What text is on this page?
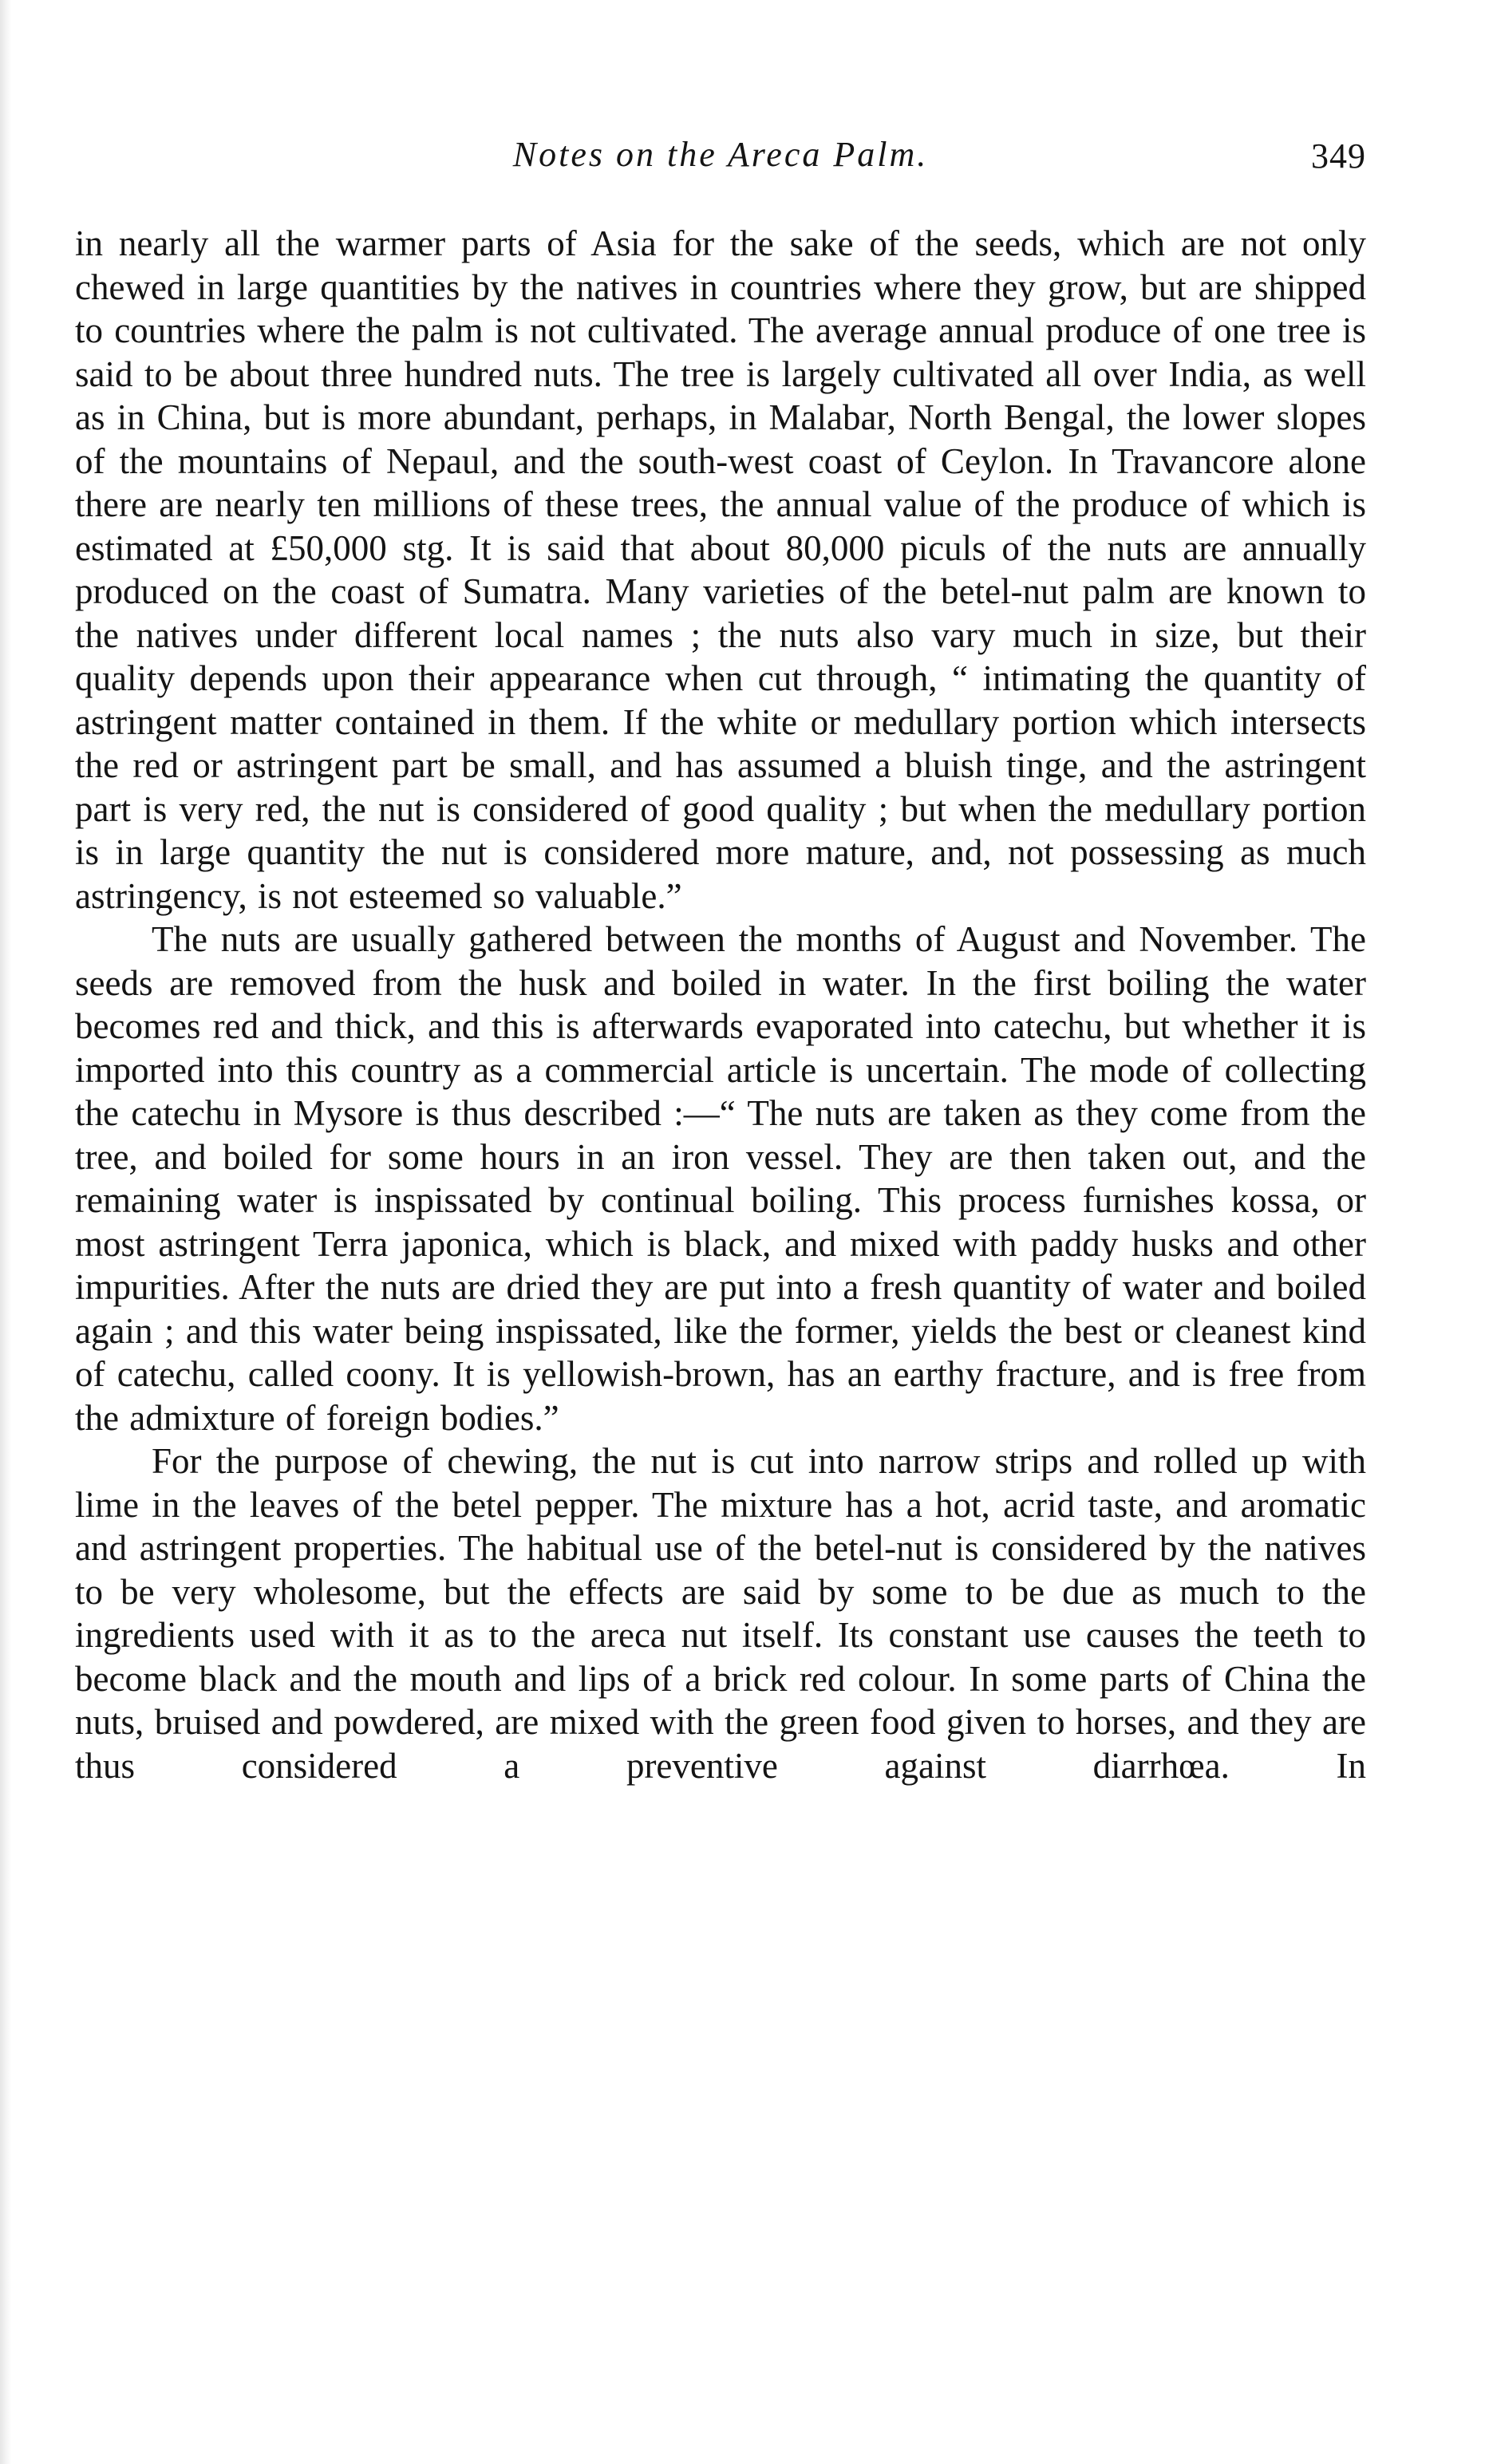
Notes on the Areca Palm.	349

in nearly all the warmer parts of Asia for the sake of the seeds, which are not only chewed in large quantities by the natives in countries where they grow, but are shipped to countries where the palm is not cultivated. The average annual produce of one tree is said to be about three hundred nuts. The tree is largely cultivated all over India, as well as in China, but is more abundant, perhaps, in Malabar, North Bengal, the lower slopes of the mountains of Nepaul, and the south-west coast of Ceylon. In Travancore alone there are nearly ten millions of these trees, the annual value of the produce of which is estimated at £50,000 stg. It is said that about 80,000 piculs of the nuts are annually produced on the coast of Sumatra. Many varieties of the betel-nut palm are known to the natives under different local names ; the nuts also vary much in size, but their quality depends upon their appearance when cut through, “ intimating the quantity of astringent matter contained in them. If the white or medullary portion which intersects the red or astringent part be small, and has assumed a bluish tinge, and the astringent part is very red, the nut is considered of good quality ; but when the medullary portion is in large quantity the nut is considered more mature, and, not possessing as much astringency, is not esteemed so valuable.”

The nuts are usually gathered between the months of August and November. The seeds are removed from the husk and boiled in water. In the first boiling the water becomes red and thick, and this is afterwards evaporated into catechu, but whether it is imported into this country as a commercial article is uncertain. The mode of collecting the catechu in Mysore is thus described :—“ The nuts are taken as they come from the tree, and boiled for some hours in an iron vessel. They are then taken out, and the remaining water is inspissated by continual boiling. This process furnishes kossa, or most astringent Terra japonica, which is black, and mixed with paddy husks and other impurities. After the nuts are dried they are put into a fresh quantity of water and boiled again ; and this water being inspissated, like the former, yields the best or cleanest kind of catechu, called coony. It is yellowish-brown, has an earthy fracture, and is free from the admixture of foreign bodies.”

For the purpose of chewing, the nut is cut into narrow strips and rolled up with lime in the leaves of the betel pepper. The mixture has a hot, acrid taste, and aromatic and astringent properties. The habitual use of the betel-nut is considered by the natives to be very wholesome, but the effects are said by some to be due as much to the ingredients used with it as to the areca nut itself. Its constant use causes the teeth to become black and the mouth and lips of a brick red colour. In some parts of China the nuts, bruised and powdered, are mixed with the green food given to horses, and they are thus considered a preventive against diarrhœa. In
